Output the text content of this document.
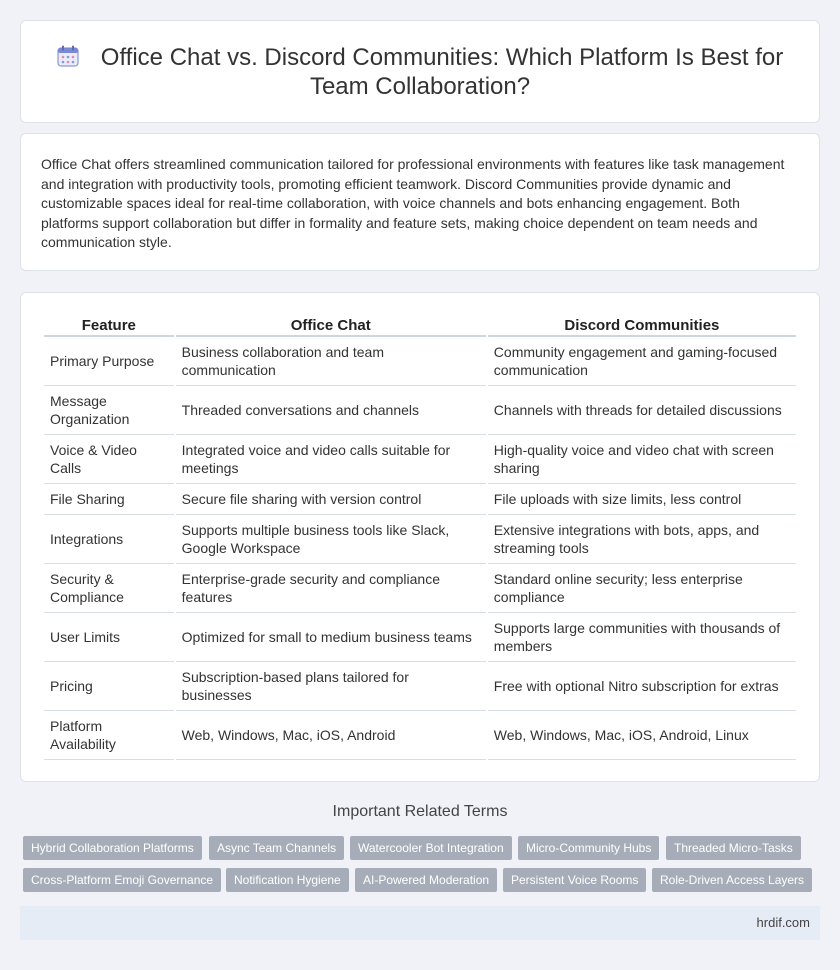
Office Chat vs. Discord Communities: Which Platform Is Best for Team Collaboration?

Office Chat offers streamlined communication tailored for professional environments with features like task management and integration with productivity tools, promoting efficient teamwork. Discord Communities provide dynamic and customizable spaces ideal for real-time collaboration, with voice channels and bots enhancing engagement. Both platforms support collaboration but differ in formality and feature sets, making choice dependent on team needs and communication style.

Feature	Office Chat	Discord Communities
Primary Purpose	Business collaboration and team communication	Community engagement and gaming-focused communication
Message Organization	Threaded conversations and channels	Channels with threads for detailed discussions
Voice & Video Calls	Integrated voice and video calls suitable for meetings	High-quality voice and video chat with screen sharing
File Sharing	Secure file sharing with version control	File uploads with size limits, less control
Integrations	Supports multiple business tools like Slack, Google Workspace	Extensive integrations with bots, apps, and streaming tools
Security & Compliance	Enterprise-grade security and compliance features	Standard online security; less enterprise compliance
User Limits	Optimized for small to medium business teams	Supports large communities with thousands of members
Pricing	Subscription-based plans tailored for businesses	Free with optional Nitro subscription for extras
Platform Availability	Web, Windows, Mac, iOS, Android	Web, Windows, Mac, iOS, Android, Linux
Important Related Terms
Hybrid Collaboration Platforms	Async Team Channels	Watercooler Bot Integration	Micro-Community Hubs	Threaded Micro-Tasks
Cross-Platform Emoji Governance	Notification Hygiene	AI-Powered Moderation	Persistent Voice Rooms	Role-Driven Access Layers
hrdif.com
